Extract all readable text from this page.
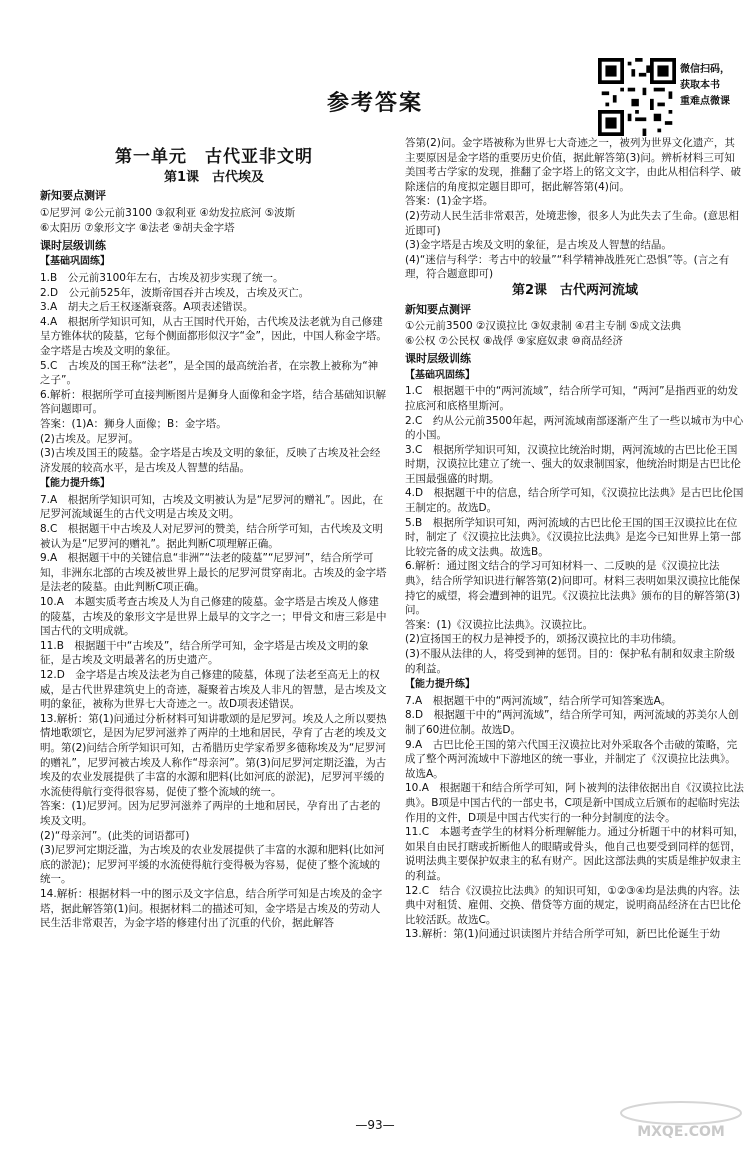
参考答案
微信扫码，
获取本书
重难点微课
第一单元　古代亚非文明
第1课　古代埃及
新知要点测评

①尼罗河 ②公元前3100 ③叙利亚 ④幼发拉底河 ⑤波斯

⑥太阳历 ⑦象形文字 ⑧法老 ⑨胡夫金字塔

课时层级训练
【基础巩固练】

1.B　公元前3100年左右，古埃及初步实现了统一。

2.D　公元前525年，波斯帝国吞并古埃及，古埃及灭亡。

3.A　胡夫之后王权逐渐衰落。A项表述错误。

4.A　根据所学知识可知，从古王国时代开始，古代埃及法老就为自己修建呈方锥体状的陵墓，它每个侧面都形似汉字“金”，因此，中国人称金字塔。金字塔是古埃及文明的象征。

5.C　古埃及的国王称“法老”，是全国的最高统治者，在宗教上被称为“神之子”。

6.解析：根据所学可直接判断图片是狮身人面像和金字塔，结合基础知识解答问题即可。

答案：(1)A：狮身人面像；B：金字塔。

(2)古埃及。尼罗河。

(3)古埃及国王的陵墓。金字塔是古埃及文明的象征，反映了古埃及社会经济发展的较高水平，是古埃及人智慧的结晶。

【能力提升练】

7.A　根据所学知识可知，古埃及文明被认为是“尼罗河的赠礼”。因此，在尼罗河流域诞生的古代文明是古埃及文明。

8.C　根据题干中古埃及人对尼罗河的赞美，结合所学可知，古代埃及文明被认为是“尼罗河的赠礼”。据此判断C项理解正确。

9.A　根据题干中的关键信息“非洲”“法老的陵墓”“尼罗河”，结合所学可知，非洲东北部的古埃及被世界上最长的尼罗河贯穿南北。古埃及的金字塔是法老的陵墓。由此判断C项正确。

10.A　本题实质考查古埃及人为自己修建的陵墓。金字塔是古埃及人修建的陵墓，古埃及的象形文字是世界上最早的文字之一；甲骨文和唐三彩是中国古代的文明成就。

11.B　根据题干中“古埃及”，结合所学可知，金字塔是古埃及文明的象征，是古埃及文明最著名的历史遗产。

12.D　金字塔是古埃及法老为自己修建的陵墓，体现了法老至高无上的权威，是古代世界建筑史上的奇迹，凝聚着古埃及人非凡的智慧，是古埃及文明的象征，被称为世界七大奇迹之一。故D项表述错误。

13.解析：第(1)问通过分析材料可知讲歌颂的是尼罗河。埃及人之所以要热情地歌颂它，是因为尼罗河滋养了两岸的土地和居民，孕育了古老的埃及文明。第(2)问结合所学知识可知，古希腊历史学家希罗多德称埃及为“尼罗河的赠礼”，尼罗河被古埃及人称作“母亲河”。第(3)问尼罗河定期泛滥，为古埃及的农业发展提供了丰富的水源和肥料(比如河底的淤泥)，尼罗河平缓的水流使得航行变得很容易，促使了整个流域的统一。

答案：(1)尼罗河。因为尼罗河滋养了两岸的土地和居民，孕育出了古老的埃及文明。

(2)“母亲河”。(此类的词语都可)

(3)尼罗河定期泛滥，为古埃及的农业发展提供了丰富的水源和肥料(比如河底的淤泥)；尼罗河平缓的水流使得航行变得极为容易，促使了整个流域的统一。

14.解析：根据材料一中的图示及文字信息，结合所学可知是古埃及的金字塔，据此解答第(1)问。根据材料二的描述可知，金字塔是古埃及的劳动人民生活非常艰苦，为金字塔的修建付出了沉重的代价，据此解答

答第(2)问。金字塔被称为世界七大奇迹之一，被列为世界文化遗产，其主要原因是金字塔的重要历史价值，据此解答第(3)问。辨析材料三可知美国考古学家的发现，推翻了金字塔上的铭文文字，由此从相信科学、破除迷信的角度拟定题目即可，据此解答第(4)问。

答案：(1)金字塔。

(2)劳动人民生活非常艰苦，处境悲惨，很多人为此失去了生命。(意思相近即可)

(3)金字塔是古埃及文明的象征，是古埃及人智慧的结晶。

(4)“迷信与科学：考古中的较量”“科学精神战胜死亡恐惧”等。(言之有理，符合题意即可)

第2课　古代两河流域
新知要点测评

①公元前3500 ②汉谟拉比 ③奴隶制 ④君主专制 ⑤成文法典

⑥公权 ⑦公民权 ⑧战俘 ⑨家庭奴隶 ⑩商品经济

课时层级训练
【基础巩固练】

1.C　根据题干中的“两河流域”，结合所学可知，“两河”是指西亚的幼发拉底河和底格里斯河。

2.C　约从公元前3500年起，两河流域南部逐渐产生了一些以城市为中心的小国。

3.C　根据所学知识可知，汉谟拉比统治时期，两河流域的古巴比伦王国时期，汉谟拉比建立了统一、强大的奴隶制国家，他统治时期是古巴比伦王国最强盛的时期。

4.D　根据题干中的信息，结合所学可知，《汉谟拉比法典》是古巴比伦国王制定的。故选D。

5.B　根据所学知识可知，两河流域的古巴比伦王国的国王汉谟拉比在位时，制定了《汉谟拉比法典》。《汉谟拉比法典》是迄今已知世界上第一部比较完备的成文法典。故选B。

6.解析：通过图文结合的学习可知材料一、二反映的是《汉谟拉比法典》，结合所学知识进行解答第(2)问即可。材料三表明如果汉谟拉比能保持它的威望，将会遭到神的诅咒。《汉谟拉比法典》颁布的目的解答第(3)问。

答案：(1)《汉谟拉比法典》。汉谟拉比。

(2)宣扬国王的权力是神授予的，颂扬汉谟拉比的丰功伟绩。

(3)不服从法律的人，将受到神的惩罚。目的：保护私有制和奴隶主阶级的利益。

【能力提升练】

7.A　根据题干中的“两河流域”，结合所学可知答案选A。

8.D　根据题干中的“两河流域”，结合所学可知，两河流域的苏美尔人创制了60进位制。故选D。

9.A　古巴比伦王国的第六代国王汉谟拉比对外采取各个击破的策略，完成了整个两河流域中下游地区的统一事业，并制定了《汉谟拉比法典》。故选A。

10.A　根据题干和结合所学可知，阿卜被判的法律依据出自《汉谟拉比法典》。B项是中国古代的一部史书，C项是新中国成立后颁布的起临时宪法作用的文件，D项是中国古代实行的一种分封制度的法令。

11.C　本题考查学生的材料分析理解能力。通过分析题干中的材料可知，如果自由民打瞎或折断他人的眼睛或骨头，他自己也要受到同样的惩罚，说明法典主要保护奴隶主的私有财产。因此这部法典的实质是维护奴隶主的利益。

12.C　结合《汉谟拉比法典》的知识可知，①②③④均是法典的内容。法典中对租赁、雇佣、交换、借贷等方面的规定，说明商品经济在古巴比伦比较活跃。故选C。

13.解析：第(1)问通过识读图片并结合所学可知，新巴比伦诞生于幼

—93—	MXQE.COM
